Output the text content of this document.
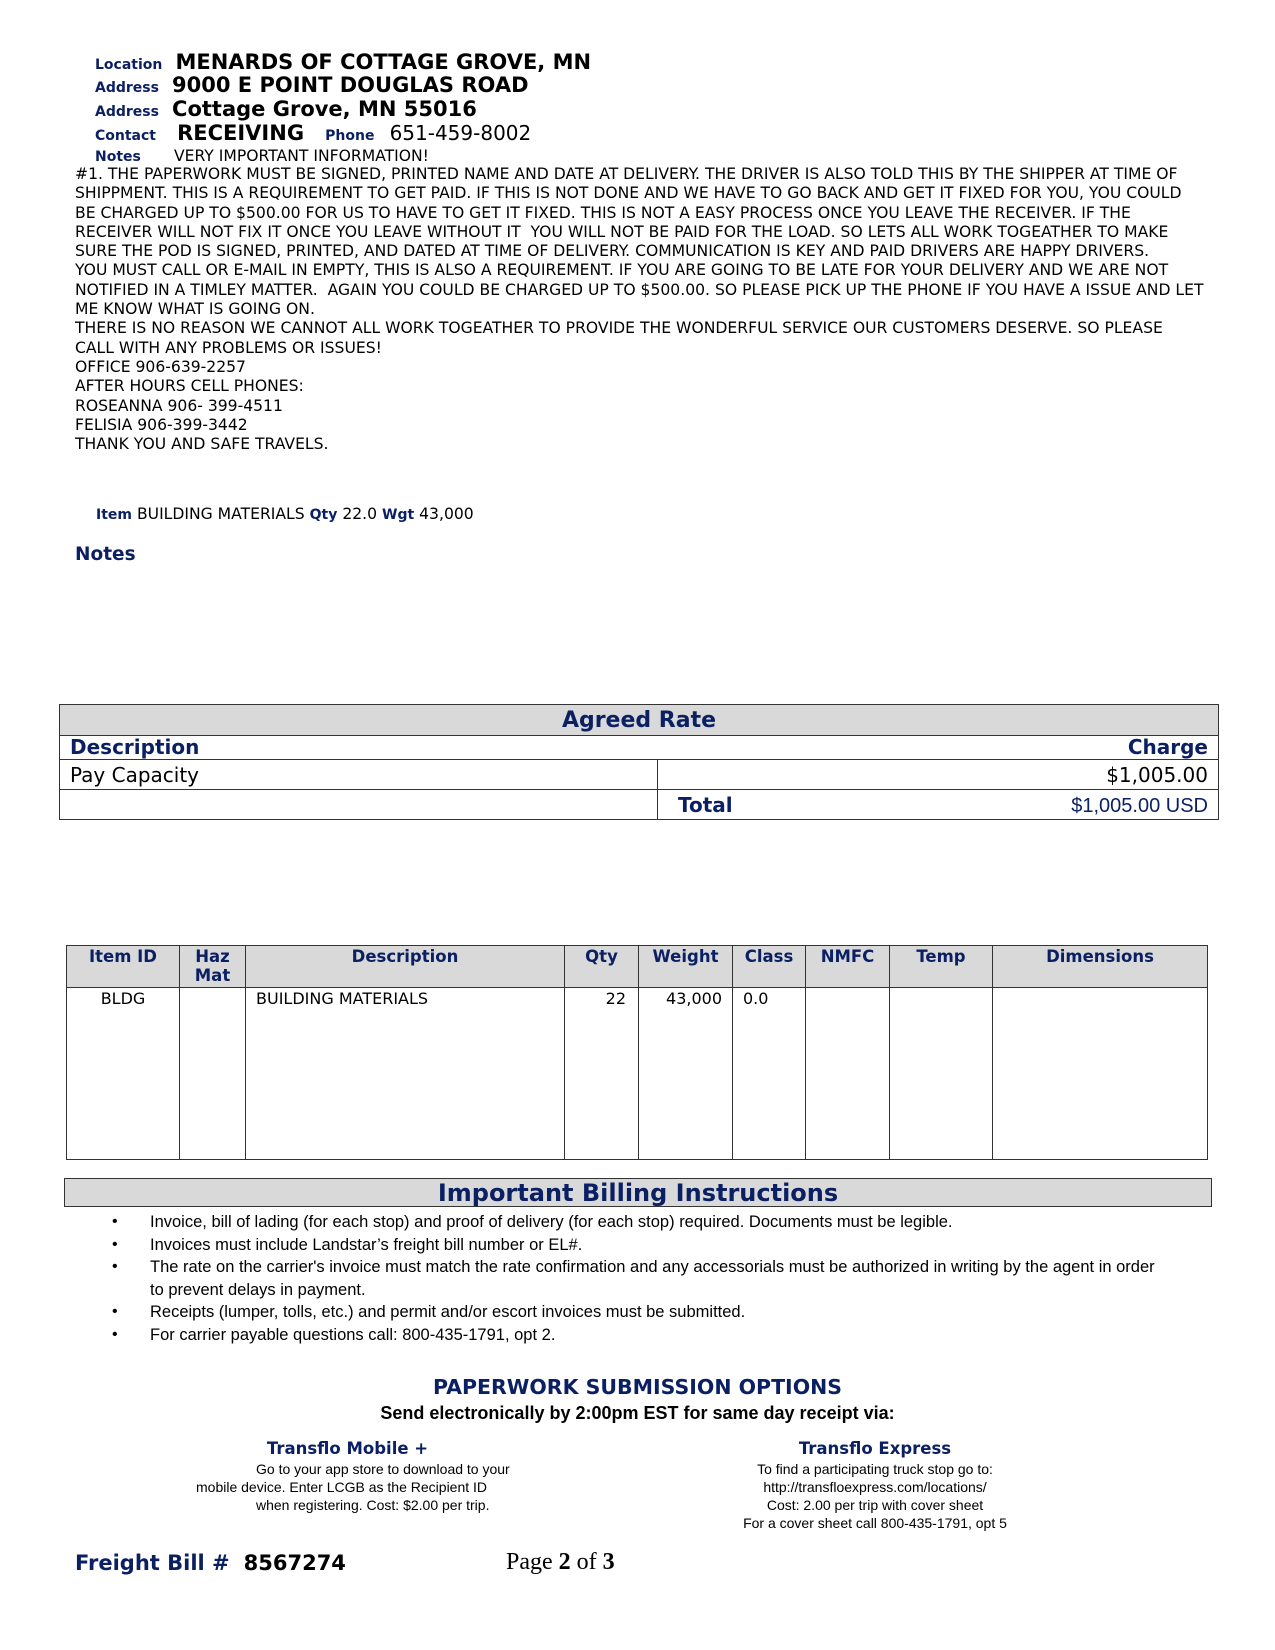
Location MENARDS OF COTTAGE GROVE, MN
Address 9000 E POINT DOUGLAS ROAD
Address Cottage Grove, MN 55016
Contact RECEIVING Phone 651-459-8002
Notes VERY IMPORTANT INFORMATION!
#1. THE PAPERWORK MUST BE SIGNED, PRINTED NAME AND DATE AT DELIVERY. THE DRIVER IS ALSO TOLD THIS BY THE SHIPPER AT TIME OF SHIPPMENT. THIS IS A REQUIREMENT TO GET PAID. IF THIS IS NOT DONE AND WE HAVE TO GO BACK AND GET IT FIXED FOR YOU, YOU COULD BE CHARGED UP TO $500.00 FOR US TO HAVE TO GET IT FIXED. THIS IS NOT A EASY PROCESS ONCE YOU LEAVE THE RECEIVER. IF THE RECEIVER WILL NOT FIX IT ONCE YOU LEAVE WITHOUT IT  YOU WILL NOT BE PAID FOR THE LOAD. SO LETS ALL WORK TOGEATHER TO MAKE SURE THE POD IS SIGNED, PRINTED, AND DATED AT TIME OF DELIVERY. COMMUNICATION IS KEY AND PAID DRIVERS ARE HAPPY DRIVERS.
YOU MUST CALL OR E-MAIL IN EMPTY, THIS IS ALSO A REQUIREMENT. IF YOU ARE GOING TO BE LATE FOR YOUR DELIVERY AND WE ARE NOT NOTIFIED IN A TIMLEY MATTER.  AGAIN YOU COULD BE CHARGED UP TO $500.00. SO PLEASE PICK UP THE PHONE IF YOU HAVE A ISSUE AND LET ME KNOW WHAT IS GOING ON.
THERE IS NO REASON WE CANNOT ALL WORK TOGEATHER TO PROVIDE THE WONDERFUL SERVICE OUR CUSTOMERS DESERVE. SO PLEASE CALL WITH ANY PROBLEMS OR ISSUES!
OFFICE 906-639-2257
AFTER HOURS CELL PHONES:
ROSEANNA 906- 399-4511
FELISIA 906-399-3442
THANK YOU AND SAFE TRAVELS.
Item BUILDING MATERIALS Qty 22.0 Wgt 43,000
Notes
Agreed Rate
Description	Charge
Pay Capacity	$1,005.00
Total	$1,005.00 USD
Item ID	Haz Mat	Description	Qty	Weight	Class	NMFC	Temp	Dimensions
BLDG		BUILDING MATERIALS	22	43,000	0.0			
Important Billing Instructions
• Invoice, bill of lading (for each stop) and proof of delivery (for each stop) required. Documents must be legible.
• Invoices must include Landstar’s freight bill number or EL#.
• The rate on the carrier's invoice must match the rate confirmation and any accessorials must be authorized in writing by the agent in order to prevent delays in payment.
• Receipts (lumper, tolls, etc.) and permit and/or escort invoices must be submitted.
• For carrier payable questions call: 800-435-1791, opt 2.
PAPERWORK SUBMISSION OPTIONS
Send electronically by 2:00pm EST for same day receipt via:
Transflo Mobile +
Go to your app store to download to your
mobile device. Enter LCGB as the Recipient ID
when registering. Cost: $2.00 per trip.
Transflo Express
To find a participating truck stop go to:
http://transfloexpress.com/locations/
Cost: 2.00 per trip with cover sheet
For a cover sheet call 800-435-1791, opt 5
Freight Bill # 8567274	Page 2 of 3
